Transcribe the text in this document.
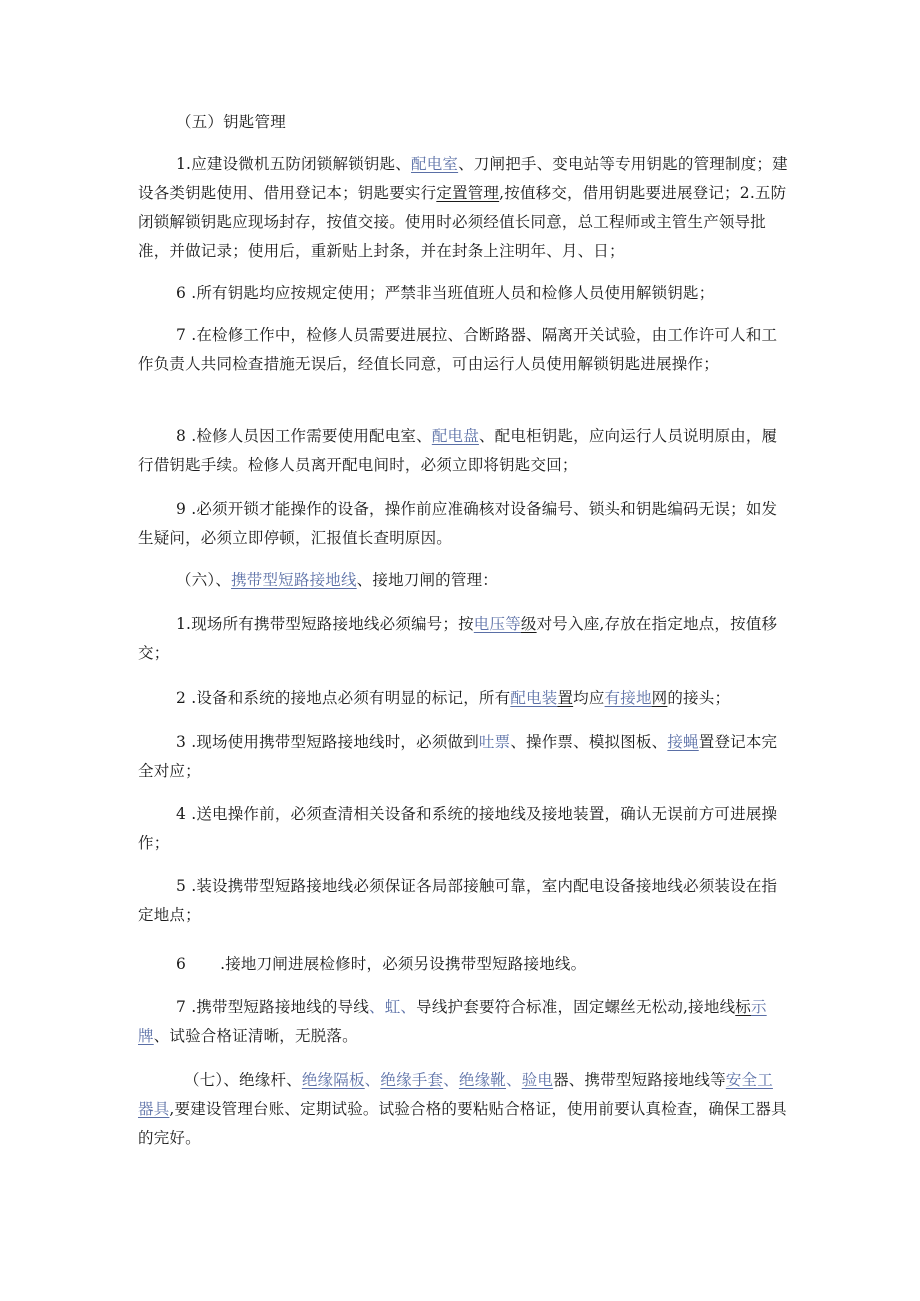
（五）钥匙管理

1.应建设微机五防闭锁解锁钥匙、配电室、刀闸把手、变电站等专用钥匙的管理制度；建设各类钥匙使用、借用登记本；钥匙要实行定置管理,按值移交，借用钥匙要进展登记；2.五防闭锁解锁钥匙应现场封存，按值交接。使用时必须经值长同意，总工程师或主管生产领导批准，并做记录；使用后，重新贴上封条，并在封条上注明年、月、日；

6 .所有钥匙均应按规定使用；严禁非当班值班人员和检修人员使用解锁钥匙；

7 .在检修工作中，检修人员需要进展拉、合断路器、隔离开关试验，由工作许可人和工作负责人共同检查措施无误后，经值长同意，可由运行人员使用解锁钥匙进展操作；

8 .检修人员因工作需要使用配电室、配电盘、配电柜钥匙，应向运行人员说明原由，履行借钥匙手续。检修人员离开配电间时，必须立即将钥匙交回；

9 .必须开锁才能操作的设备，操作前应准确核对设备编号、锁头和钥匙编码无误；如发生疑问，必须立即停顿，汇报值长查明原因。

（六）、携带型短路接地线、接地刀闸的管理：

1.现场所有携带型短路接地线必须编号；按电压等级对号入座,存放在指定地点，按值移交；

2 .设备和系统的接地点必须有明显的标记，所有配电装置均应有接地网的接头；

3 .现场使用携带型短路接地线时，必须做到吐票、操作票、模拟图板、接蝇置登记本完全对应；

4 .送电操作前，必须查清相关设备和系统的接地线及接地装置，确认无误前方可进展操作；

5 .装设携带型短路接地线必须保证各局部接触可靠，室内配电设备接地线必须装设在指定地点；

6 .接地刀闸进展检修时，必须另设携带型短路接地线。

7 .携带型短路接地线的导线、虹、导线护套要符合标准，固定螺丝无松动,接地线标示牌、试验合格证清晰，无脱落。

（七）、绝缘杆、绝缘隔板、绝缘手套、绝缘靴、验电器、携带型短路接地线等安全工器具,要建设管理台账、定期试验。试验合格的要粘贴合格证，使用前要认真检查，确保工器具的完好。
